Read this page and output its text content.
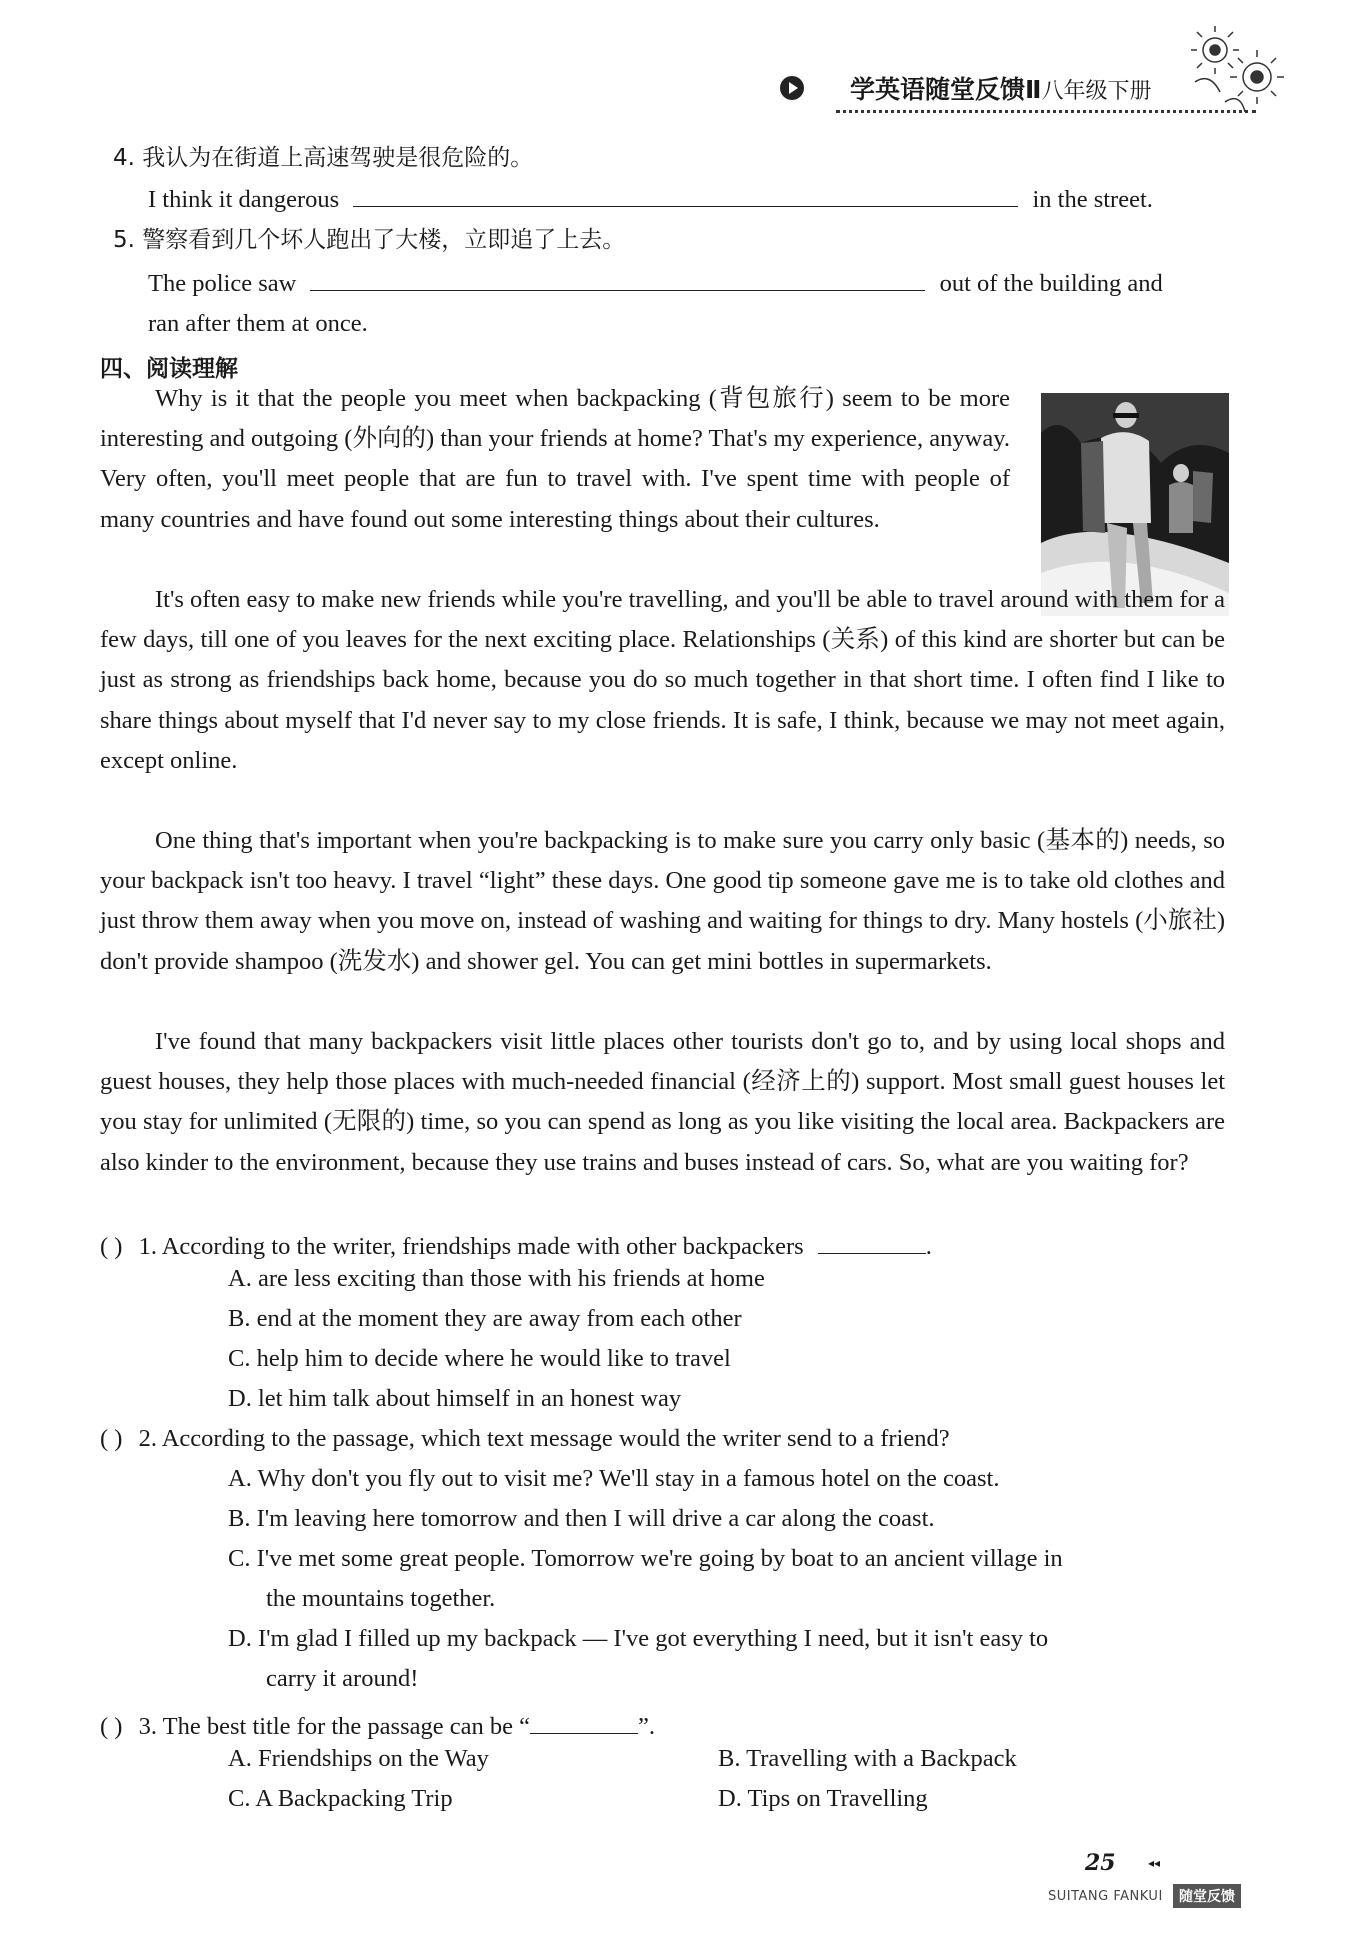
学英语随堂反馈Ⅱ八年级下册
4. 我认为在街道上高速驾驶是很危险的。
I think it dangerous	in the street.
5. 警察看到几个坏人跑出了大楼，立即追了上去。
The police saw	out of the building and
ran after them at once.
四、阅读理解
Why is it that the people you meet when backpacking (背包旅行) seem to be more interesting and outgoing (外向的) than your friends at home? That's my experience, anyway. Very often, you'll meet people that are fun to travel with. I've spent time with people of many countries and have found out some interesting things about their cultures.
It's often easy to make new friends while you're travelling, and you'll be able to travel around with them for a few days, till one of you leaves for the next exciting place. Relationships (关系) of this kind are shorter but can be just as strong as friendships back home, because you do so much together in that short time. I often find I like to share things about myself that I'd never say to my close friends. It is safe, I think, because we may not meet again, except online.
One thing that's important when you're backpacking is to make sure you carry only basic (基本的) needs, so your backpack isn't too heavy. I travel “light” these days. One good tip someone gave me is to take old clothes and just throw them away when you move on, instead of washing and waiting for things to dry. Many hostels (小旅社) don't provide shampoo (洗发水) and shower gel. You can get mini bottles in supermarkets.
I've found that many backpackers visit little places other tourists don't go to, and by using local shops and guest houses, they help those places with much-needed financial (经济上的) support. Most small guest houses let you stay for unlimited (无限的) time, so you can spend as long as you like visiting the local area. Backpackers are also kinder to the environment, because they use trains and buses instead of cars. So, what are you waiting for?
( ) 1. According to the writer, friendships made with other backpackers	.
A. are less exciting than those with his friends at home
B. end at the moment they are away from each other
C. help him to decide where he would like to travel
D. let him talk about himself in an honest way
( ) 2. According to the passage, which text message would the writer send to a friend?
A. Why don't you fly out to visit me? We'll stay in a famous hotel on the coast.
B. I'm leaving here tomorrow and then I will drive a car along the coast.
C. I've met some great people. Tomorrow we're going by boat to an ancient village in
the mountains together.
D. I'm glad I filled up my backpack — I've got everything I need, but it isn't easy to
carry it around!
( ) 3. The best title for the passage can be “	”.
A. Friendships on the Way	B. Travelling with a Backpack
C. A Backpacking Trip	D. Tips on Travelling
25	◂◂
SUITANG FANKUI	随堂反馈
